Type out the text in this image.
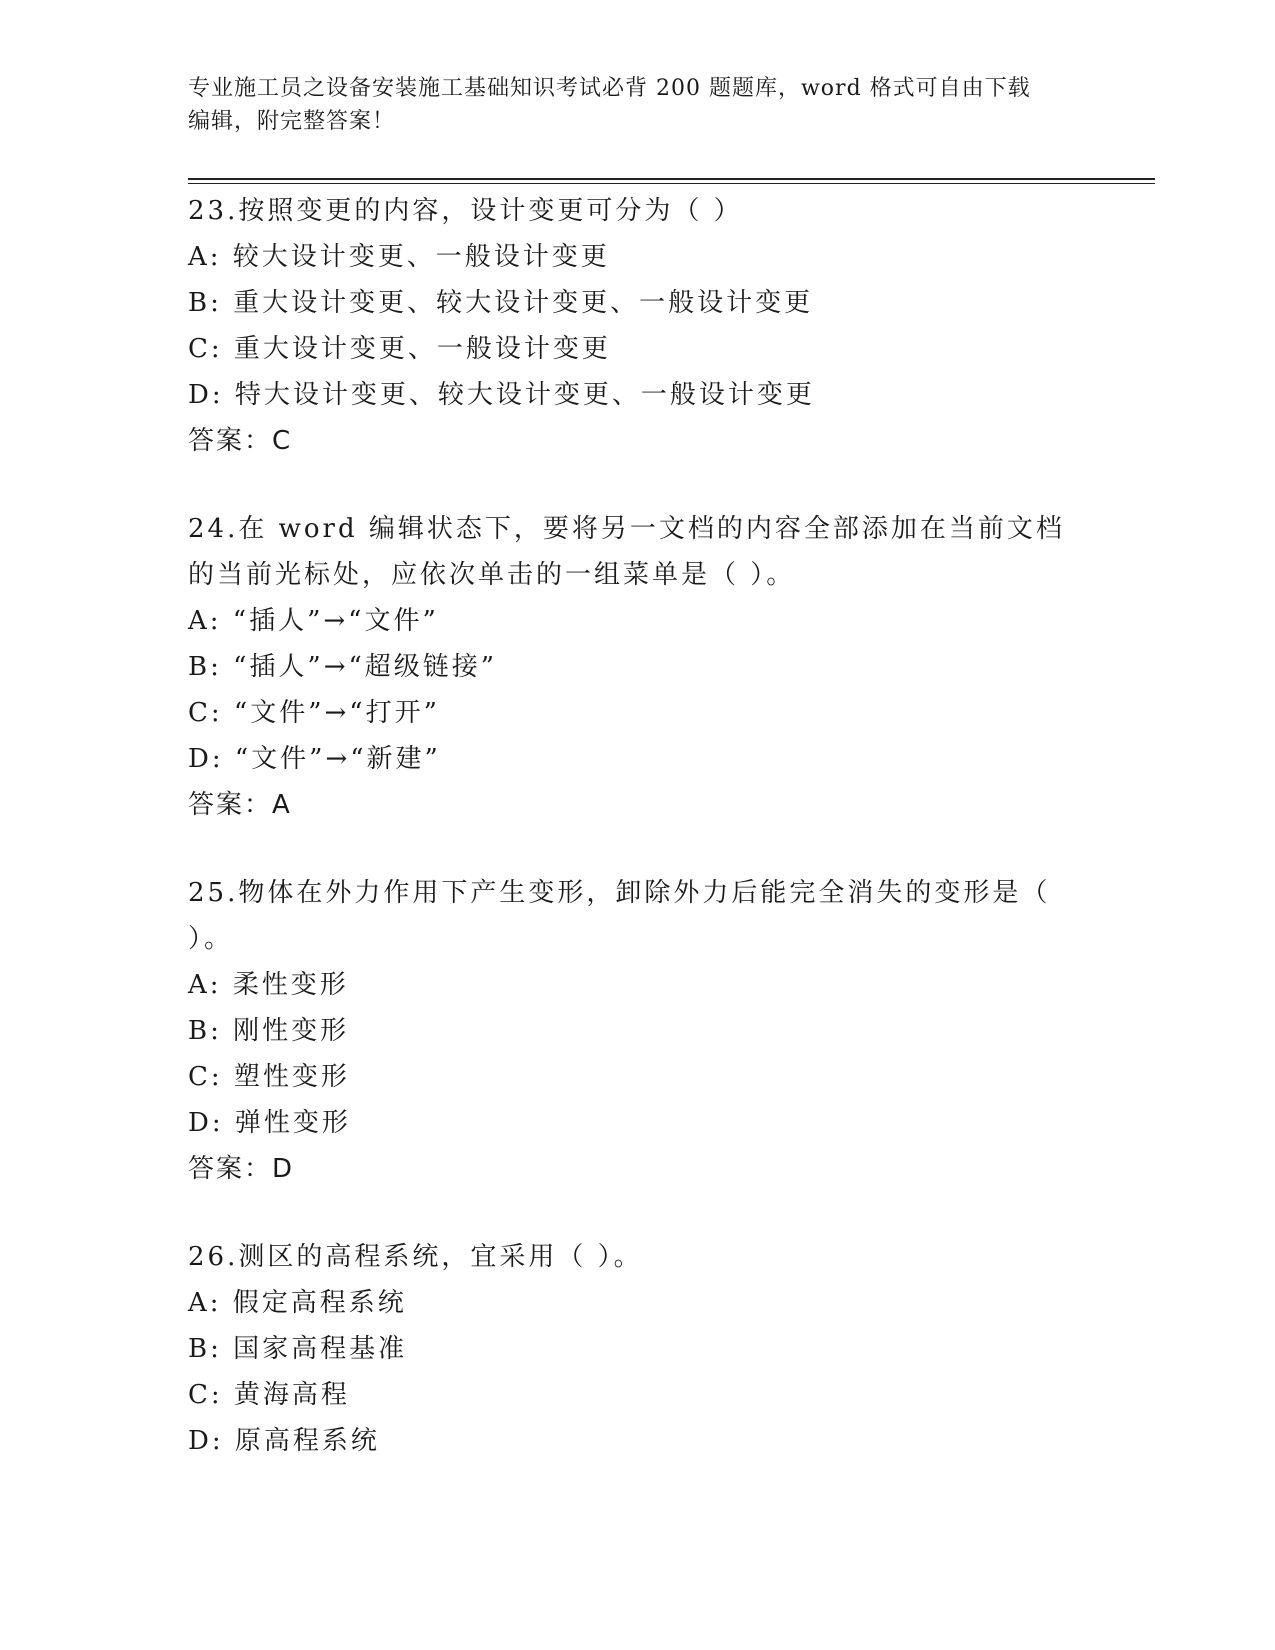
专业施工员之设备安装施工基础知识考试必背 200 题题库，word 格式可自由下载
编辑，附完整答案！
23.按照变更的内容，设计变更可分为（ ）
A: 较大设计变更、一般设计变更
B: 重大设计变更、较大设计变更、一般设计变更
C: 重大设计变更、一般设计变更
D: 特大设计变更、较大设计变更、一般设计变更
答案：C
24.在 word 编辑状态下，要将另一文档的内容全部添加在当前文档的当前光标处，应依次单击的一组菜单是（ ）。
A: “插人”→“文件”
B: “插人”→“超级链接”
C: “文件”→“打开”
D: “文件”→“新建”
答案：A
25.物体在外力作用下产生变形，卸除外力后能完全消失的变形是（ ）。
A: 柔性变形
B: 刚性变形
C: 塑性变形
D: 弹性变形
答案：D
26.测区的高程系统，宜采用（ ）。
A: 假定高程系统
B: 国家高程基准
C: 黄海高程
D: 原高程系统
